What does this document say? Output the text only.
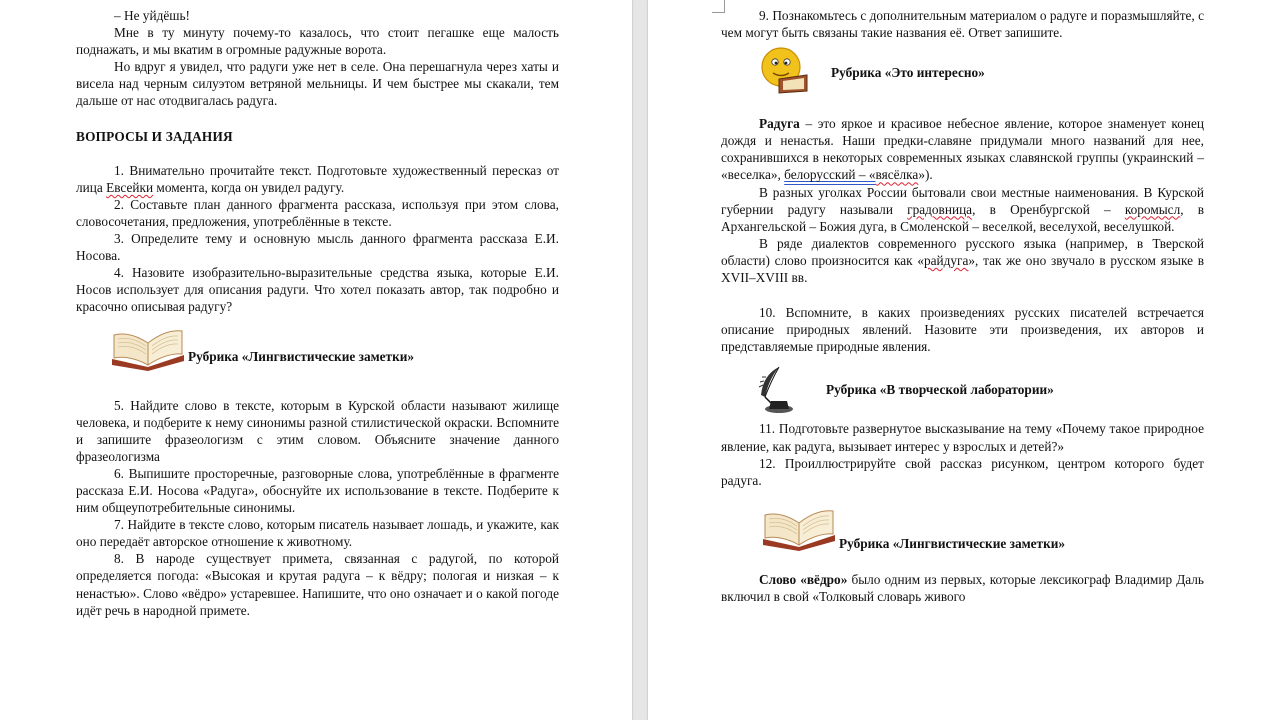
– Не уйдёшь!

Мне в ту минуту почему-то казалось, что стоит пегашке еще малость поднажать, и мы вкатим в огромные радужные ворота.

Но вдруг я увидел, что радуги уже нет в селе. Она перешагнула через хаты и висела над черным силуэтом ветряной мельницы. И чем быстрее мы скакали, тем дальше от нас отодвигалась радуга.

ВОПРОСЫ И ЗАДАНИЯ

1. Внимательно прочитайте текст. Подготовьте художественный пересказ от лица Евсейки момента, когда он увидел радугу.

2. Составьте план данного фрагмента рассказа, используя при этом слова, словосочетания, предложения, употреблённые в тексте.

3. Определите тему и основную мысль данного фрагмента рассказа Е.И. Носова.

4. Назовите изобразительно-выразительные средства языка, которые Е.И. Носов использует для описания радуги. Что хотел показать автор, так подробно и красочно описывая радугу?

Рубрика «Лингвистические заметки»

5. Найдите слово в тексте, которым в Курской области называют жилище человека, и подберите к нему синонимы разной стилистической окраски. Вспомните и запишите фразеологизм с этим словом. Объясните значение данного фразеологизма

6. Выпишите просторечные, разговорные слова, употреблённые в фрагменте рассказа Е.И. Носова «Радуга», обоснуйте их использование в тексте. Подберите к ним общеупотребительные синонимы.

7. Найдите в тексте слово, которым писатель называет лошадь, и укажите, как оно передаёт авторское отношение к животному.

8. В народе существует примета, связанная с радугой, по которой определяется погода: «Высокая и крутая радуга – к вёдру; пологая и низкая – к ненастью». Слово «вёдро» устаревшее. Напишите, что оно означает и о какой погоде идёт речь в народной примете.

9. Познакомьтесь с дополнительным материалом о радуге и поразмышляйте, с чем могут быть связаны такие названия её. Ответ запишите.

Рубрика «Это интересно»

Радуга – это яркое и красивое небесное явление, которое знаменует конец дождя и ненастья. Наши предки-славяне придумали много названий для нее, сохранившихся в некоторых современных языках славянской группы (украинский – «веселка», белорусский – «вясёлка»).

В разных уголках России бытовали свои местные наименования. В Курской губернии радугу называли градовница, в Оренбургской – коромысл, в Архангельской – Божия дуга, в Смоленской – веселкой, веселухой, веселушкой.

В ряде диалектов современного русского языка (например, в Тверской области) слово произносится как «райдуга», так же оно звучало в русском языке в XVII–XVIII вв.

10. Вспомните, в каких произведениях русских писателей встречается описание природных явлений. Назовите эти произведения, их авторов и представляемые природные явления.

Рубрика «В творческой лаборатории»

11. Подготовьте развернутое высказывание на тему «Почему такое природное явление, как радуга, вызывает интерес у взрослых и детей?»

12. Проиллюстрируйте свой рассказ рисунком, центром которого будет радуга.

Рубрика «Лингвистические заметки»

Слово «вёдро» было одним из первых, которые лексикограф Владимир Даль включил в свой «Толковый словарь живого
